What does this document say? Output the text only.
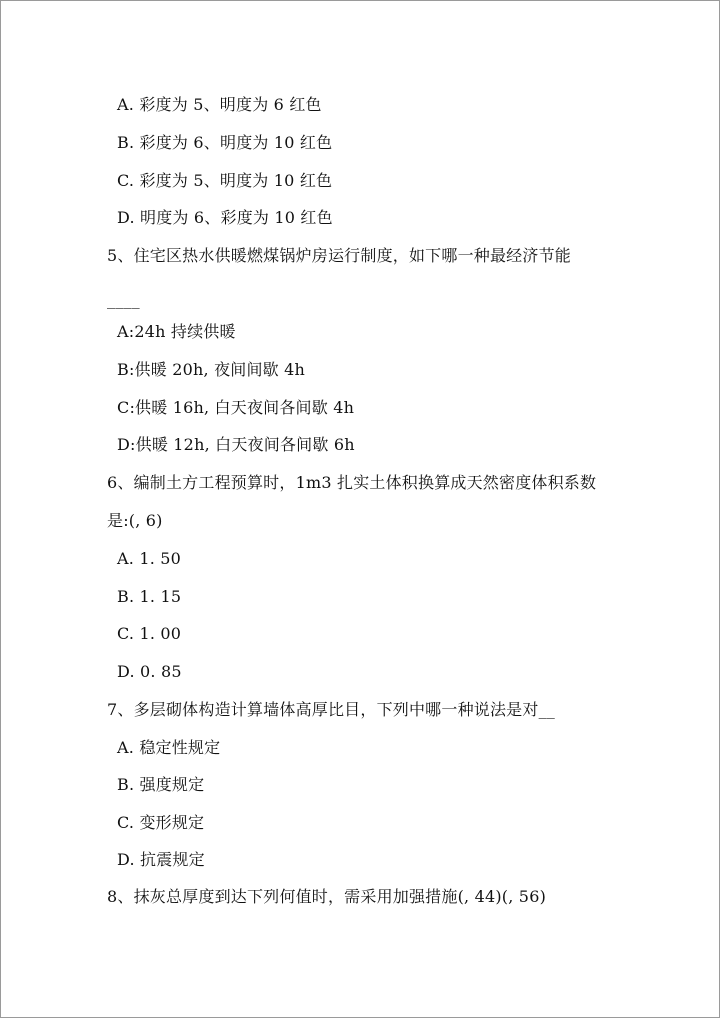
A. 彩度为 5、明度为 6 红色
B. 彩度为 6、明度为 10 红色
C. 彩度为 5、明度为 10 红色
D. 明度为 6、彩度为 10 红色
5、住宅区热水供暖燃煤锅炉房运行制度，如下哪一种最经济节能
____
A:24h 持续供暖
B:供暖 20h, 夜间间歇 4h
C:供暖 16h, 白天夜间各间歇 4h
D:供暖 12h, 白天夜间各间歇 6h
6、编制土方工程预算时，1m3 扎实土体积换算成天然密度体积系数
是:(, 6)
A. 1. 50
B. 1. 15
C. 1. 00
D. 0. 85
7、多层砌体构造计算墙体高厚比目，下列中哪一种说法是对__
A. 稳定性规定
B. 强度规定
C. 变形规定
D. 抗震规定
8、抹灰总厚度到达下列何值时，需采用加强措施(, 44)(, 56)
